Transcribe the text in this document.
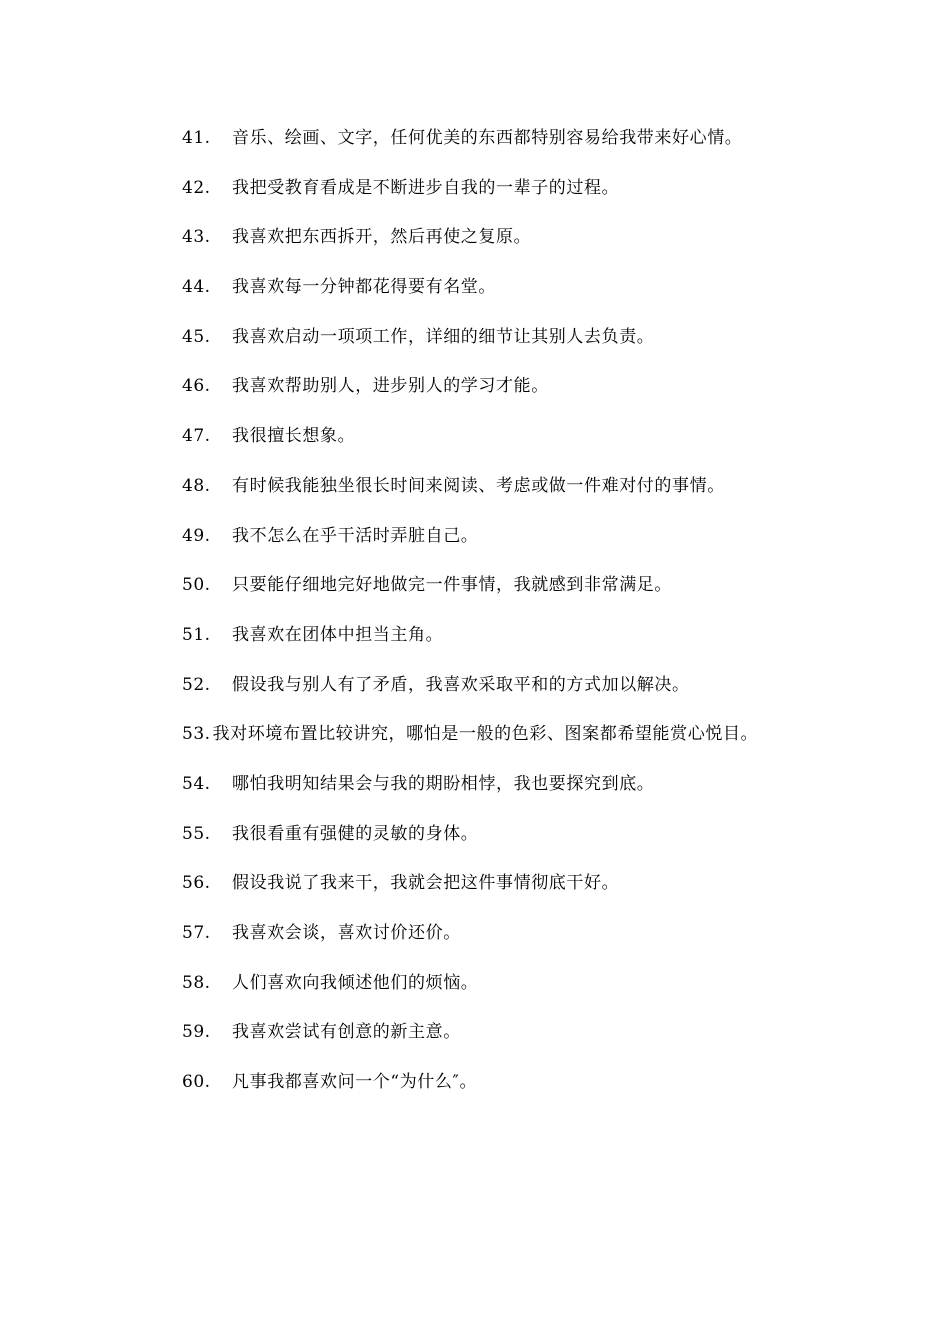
41. 音乐、绘画、文字，任何优美的东西都特别容易给我带来好心情。
42. 我把受教育看成是不断进步自我的一辈子的过程。
43. 我喜欢把东西拆开，然后再使之复原。
44. 我喜欢每一分钟都花得要有名堂。
45. 我喜欢启动一项项工作，详细的细节让其别人去负责。
46. 我喜欢帮助别人，进步别人的学习才能。
47. 我很擅长想象。
48. 有时候我能独坐很长时间来阅读、考虑或做一件难对付的事情。
49. 我不怎么在乎干活时弄脏自己。
50. 只要能仔细地完好地做完一件事情，我就感到非常满足。
51. 我喜欢在团体中担当主角。
52. 假设我与别人有了矛盾，我喜欢采取平和的方式加以解决。
53. 我对环境布置比较讲究，哪怕是一般的色彩、图案都希望能赏心悦目。
54. 哪怕我明知结果会与我的期盼相悖，我也要探究到底。
55. 我很看重有强健的灵敏的身体。
56. 假设我说了我来干，我就会把这件事情彻底干好。
57. 我喜欢会谈，喜欢讨价还价。
58. 人们喜欢向我倾述他们的烦恼。
59. 我喜欢尝试有创意的新主意。
60. 凡事我都喜欢问一个“为什么″。
